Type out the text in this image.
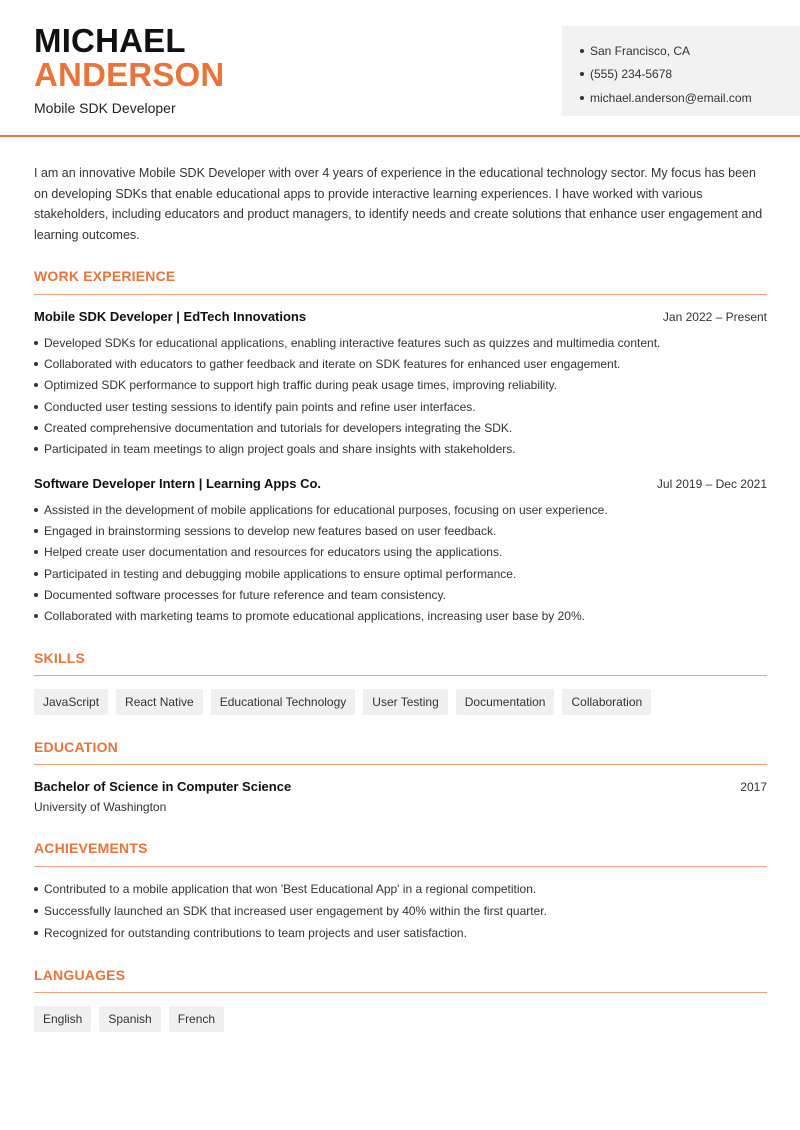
MICHAEL
ANDERSON
Mobile SDK Developer
San Francisco, CA
(555) 234-5678
michael.anderson@email.com

I am an innovative Mobile SDK Developer with over 4 years of experience in the educational technology sector. My focus has been on developing SDKs that enable educational apps to provide interactive learning experiences. I have worked with various stakeholders, including educators and product managers, to identify needs and create solutions that enhance user engagement and learning outcomes.

WORK EXPERIENCE
Mobile SDK Developer | EdTech Innovations	Jan 2022 – Present
Developed SDKs for educational applications, enabling interactive features such as quizzes and multimedia content.
Collaborated with educators to gather feedback and iterate on SDK features for enhanced user engagement.
Optimized SDK performance to support high traffic during peak usage times, improving reliability.
Conducted user testing sessions to identify pain points and refine user interfaces.
Created comprehensive documentation and tutorials for developers integrating the SDK.
Participated in team meetings to align project goals and share insights with stakeholders.
Software Developer Intern | Learning Apps Co.	Jul 2019 – Dec 2021
Assisted in the development of mobile applications for educational purposes, focusing on user experience.
Engaged in brainstorming sessions to develop new features based on user feedback.
Helped create user documentation and resources for educators using the applications.
Participated in testing and debugging mobile applications to ensure optimal performance.
Documented software processes for future reference and team consistency.
Collaborated with marketing teams to promote educational applications, increasing user base by 20%.
SKILLS
JavaScript	React Native	Educational Technology	User Testing	Documentation	Collaboration
EDUCATION
Bachelor of Science in Computer Science	2017
University of Washington
ACHIEVEMENTS
Contributed to a mobile application that won 'Best Educational App' in a regional competition.
Successfully launched an SDK that increased user engagement by 40% within the first quarter.
Recognized for outstanding contributions to team projects and user satisfaction.
LANGUAGES
English	Spanish	French
